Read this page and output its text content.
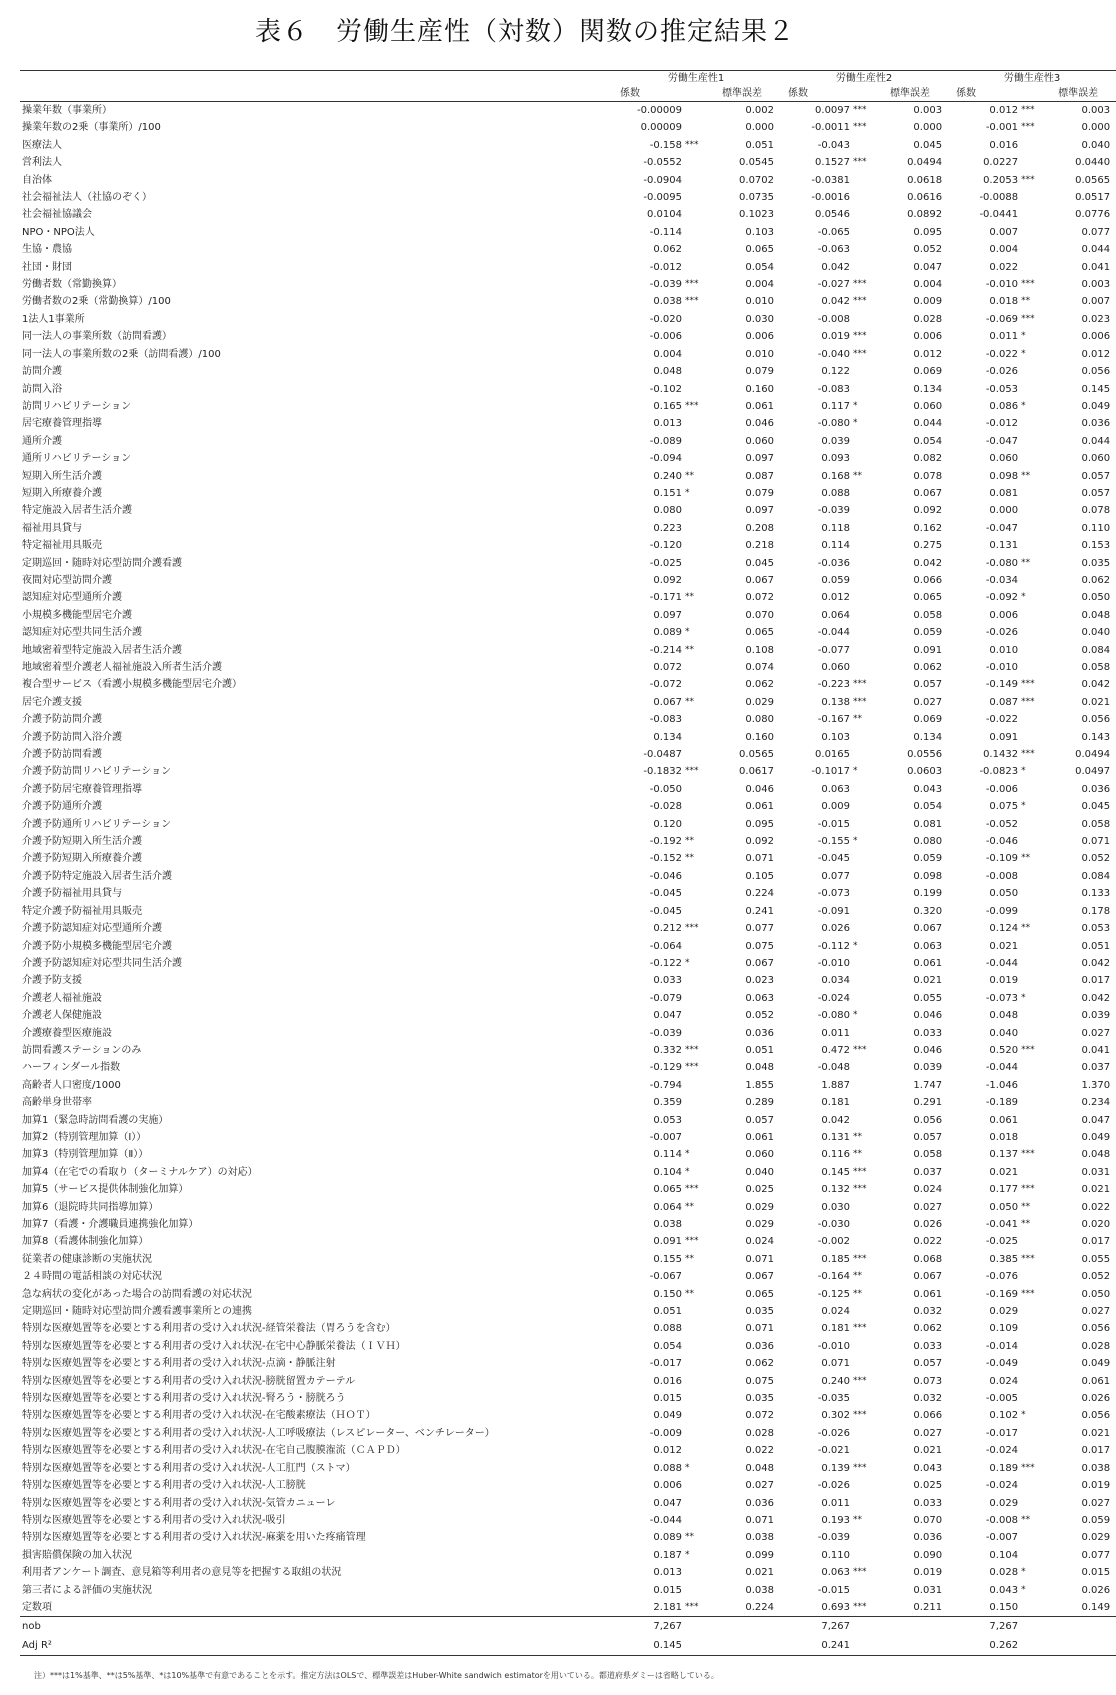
表６　労働生産性（対数）関数の推定結果２
	労働生産性1			労働生産性2			労働生産性3		
	係数		標準誤差	係数		標準誤差	係数		標準誤差
操業年数（事業所）	-0.00009		0.002	0.0097	***	0.003	0.012	***	0.003
操業年数の2乗（事業所）/100	0.00009		0.000	-0.0011	***	0.000	-0.001	***	0.000
医療法人	-0.158	***	0.051	-0.043		0.045	0.016		0.040
営利法人	-0.0552		0.0545	0.1527	***	0.0494	0.0227		0.0440
自治体	-0.0904		0.0702	-0.0381		0.0618	0.2053	***	0.0565
社会福祉法人（社協のぞく）	-0.0095		0.0735	-0.0016		0.0616	-0.0088		0.0517
社会福祉協議会	0.0104		0.1023	0.0546		0.0892	-0.0441		0.0776
NPO・NPO法人	-0.114		0.103	-0.065		0.095	0.007		0.077
生協・農協	0.062		0.065	-0.063		0.052	0.004		0.044
社団・財団	-0.012		0.054	0.042		0.047	0.022		0.041
労働者数（常勤換算）	-0.039	***	0.004	-0.027	***	0.004	-0.010	***	0.003
労働者数の2乗（常勤換算）/100	0.038	***	0.010	0.042	***	0.009	0.018	**	0.007
1法人1事業所	-0.020		0.030	-0.008		0.028	-0.069	***	0.023
同一法人の事業所数（訪問看護）	-0.006		0.006	0.019	***	0.006	0.011	*	0.006
同一法人の事業所数の2乗（訪問看護）/100	0.004		0.010	-0.040	***	0.012	-0.022	*	0.012
訪問介護	0.048		0.079	0.122		0.069	-0.026		0.056
訪問入浴	-0.102		0.160	-0.083		0.134	-0.053		0.145
訪問リハビリテーション	0.165	***	0.061	0.117	*	0.060	0.086	*	0.049
居宅療養管理指導	0.013		0.046	-0.080	*	0.044	-0.012		0.036
通所介護	-0.089		0.060	0.039		0.054	-0.047		0.044
通所リハビリテーション	-0.094		0.097	0.093		0.082	0.060		0.060
短期入所生活介護	0.240	**	0.087	0.168	**	0.078	0.098	**	0.057
短期入所療養介護	0.151	*	0.079	0.088		0.067	0.081		0.057
特定施設入居者生活介護	0.080		0.097	-0.039		0.092	0.000		0.078
福祉用具貸与	0.223		0.208	0.118		0.162	-0.047		0.110
特定福祉用具販売	-0.120		0.218	0.114		0.275	0.131		0.153
定期巡回・随時対応型訪問介護看護	-0.025		0.045	-0.036		0.042	-0.080	**	0.035
夜間対応型訪問介護	0.092		0.067	0.059		0.066	-0.034		0.062
認知症対応型通所介護	-0.171	**	0.072	0.012		0.065	-0.092	*	0.050
小規模多機能型居宅介護	0.097		0.070	0.064		0.058	0.006		0.048
認知症対応型共同生活介護	0.089	*	0.065	-0.044		0.059	-0.026		0.040
地域密着型特定施設入居者生活介護	-0.214	**	0.108	-0.077		0.091	0.010		0.084
地域密着型介護老人福祉施設入所者生活介護	0.072		0.074	0.060		0.062	-0.010		0.058
複合型サービス（看護小規模多機能型居宅介護）	-0.072		0.062	-0.223	***	0.057	-0.149	***	0.042
居宅介護支援	0.067	**	0.029	0.138	***	0.027	0.087	***	0.021
介護予防訪問介護	-0.083		0.080	-0.167	**	0.069	-0.022		0.056
介護予防訪問入浴介護	0.134		0.160	0.103		0.134	0.091		0.143
介護予防訪問看護	-0.0487		0.0565	0.0165		0.0556	0.1432	***	0.0494
介護予防訪問リハビリテーション	-0.1832	***	0.0617	-0.1017	*	0.0603	-0.0823	*	0.0497
介護予防居宅療養管理指導	-0.050		0.046	0.063		0.043	-0.006		0.036
介護予防通所介護	-0.028		0.061	0.009		0.054	0.075	*	0.045
介護予防通所リハビリテーション	0.120		0.095	-0.015		0.081	-0.052		0.058
介護予防短期入所生活介護	-0.192	**	0.092	-0.155	*	0.080	-0.046		0.071
介護予防短期入所療養介護	-0.152	**	0.071	-0.045		0.059	-0.109	**	0.052
介護予防特定施設入居者生活介護	-0.046		0.105	0.077		0.098	-0.008		0.084
介護予防福祉用具貸与	-0.045		0.224	-0.073		0.199	0.050		0.133
特定介護予防福祉用具販売	-0.045		0.241	-0.091		0.320	-0.099		0.178
介護予防認知症対応型通所介護	0.212	***	0.077	0.026		0.067	0.124	**	0.053
介護予防小規模多機能型居宅介護	-0.064		0.075	-0.112	*	0.063	0.021		0.051
介護予防認知症対応型共同生活介護	-0.122	*	0.067	-0.010		0.061	-0.044		0.042
介護予防支援	0.033		0.023	0.034		0.021	0.019		0.017
介護老人福祉施設	-0.079		0.063	-0.024		0.055	-0.073	*	0.042
介護老人保健施設	0.047		0.052	-0.080	*	0.046	0.048		0.039
介護療養型医療施設	-0.039		0.036	0.011		0.033	0.040		0.027
訪問看護ステーションのみ	0.332	***	0.051	0.472	***	0.046	0.520	***	0.041
ハーフィンダール指数	-0.129	***	0.048	-0.048		0.039	-0.044		0.037
高齢者人口密度/1000	-0.794		1.855	1.887		1.747	-1.046		1.370
高齢単身世帯率	0.359		0.289	0.181		0.291	-0.189		0.234
加算1（緊急時訪問看護の実施）	0.053		0.057	0.042		0.056	0.061		0.047
加算2（特別管理加算（Ⅰ））	-0.007		0.061	0.131	**	0.057	0.018		0.049
加算3（特別管理加算（Ⅱ））	0.114	*	0.060	0.116	**	0.058	0.137	***	0.048
加算4（在宅での看取り（ターミナルケア）の対応）	0.104	*	0.040	0.145	***	0.037	0.021		0.031
加算5（サービス提供体制強化加算）	0.065	***	0.025	0.132	***	0.024	0.177	***	0.021
加算6（退院時共同指導加算）	0.064	**	0.029	0.030		0.027	0.050	**	0.022
加算7（看護・介護職員連携強化加算）	0.038		0.029	-0.030		0.026	-0.041	**	0.020
加算8（看護体制強化加算）	0.091	***	0.024	-0.002		0.022	-0.025		0.017
従業者の健康診断の実施状況	0.155	**	0.071	0.185	***	0.068	0.385	***	0.055
２４時間の電話相談の対応状況	-0.067		0.067	-0.164	**	0.067	-0.076		0.052
急な病状の変化があった場合の訪問看護の対応状況	0.150	**	0.065	-0.125	**	0.061	-0.169	***	0.050
定期巡回・随時対応型訪問介護看護事業所との連携	0.051		0.035	0.024		0.032	0.029		0.027
特別な医療処置等を必要とする利用者の受け入れ状況-経管栄養法（胃ろうを含む）	0.088		0.071	0.181	***	0.062	0.109		0.056
特別な医療処置等を必要とする利用者の受け入れ状況-在宅中心静脈栄養法（ＩＶＨ）	0.054		0.036	-0.010		0.033	-0.014		0.028
特別な医療処置等を必要とする利用者の受け入れ状況-点滴・静脈注射	-0.017		0.062	0.071		0.057	-0.049		0.049
特別な医療処置等を必要とする利用者の受け入れ状況-膀胱留置カテーテル	0.016		0.075	0.240	***	0.073	0.024		0.061
特別な医療処置等を必要とする利用者の受け入れ状況-腎ろう・膀胱ろう	0.015		0.035	-0.035		0.032	-0.005		0.026
特別な医療処置等を必要とする利用者の受け入れ状況-在宅酸素療法（ＨＯＴ）	0.049		0.072	0.302	***	0.066	0.102	*	0.056
特別な医療処置等を必要とする利用者の受け入れ状況-人工呼吸療法（レスピレーター、ベンチレーター）	-0.009		0.028	-0.026		0.027	-0.017		0.021
特別な医療処置等を必要とする利用者の受け入れ状況-在宅自己腹膜潅流（ＣＡＰＤ）	0.012		0.022	-0.021		0.021	-0.024		0.017
特別な医療処置等を必要とする利用者の受け入れ状況-人工肛門（ストマ）	0.088	*	0.048	0.139	***	0.043	0.189	***	0.038
特別な医療処置等を必要とする利用者の受け入れ状況-人工膀胱	0.006		0.027	-0.026		0.025	-0.024		0.019
特別な医療処置等を必要とする利用者の受け入れ状況-気管カニューレ	0.047		0.036	0.011		0.033	0.029		0.027
特別な医療処置等を必要とする利用者の受け入れ状況-吸引	-0.044		0.071	0.193	**	0.070	-0.008	**	0.059
特別な医療処置等を必要とする利用者の受け入れ状況-麻薬を用いた疼痛管理	0.089	**	0.038	-0.039		0.036	-0.007		0.029
損害賠償保険の加入状況	0.187	*	0.099	0.110		0.090	0.104		0.077
利用者アンケート調査、意見箱等利用者の意見等を把握する取組の状況	0.013		0.021	0.063	***	0.019	0.028	*	0.015
第三者による評価の実施状況	0.015		0.038	-0.015		0.031	0.043	*	0.026
定数項	2.181	***	0.224	0.693	***	0.211	0.150		0.149
nob	7,267			7,267			7,267		
Adj R²	0.145			0.241			0.262		
注）***は1%基準、**は5%基準、*は10%基準で有意であることを示す。推定方法はOLSで、標準誤差はHuber-White sandwich estimatorを用いている。都道府県ダミーは省略している。
